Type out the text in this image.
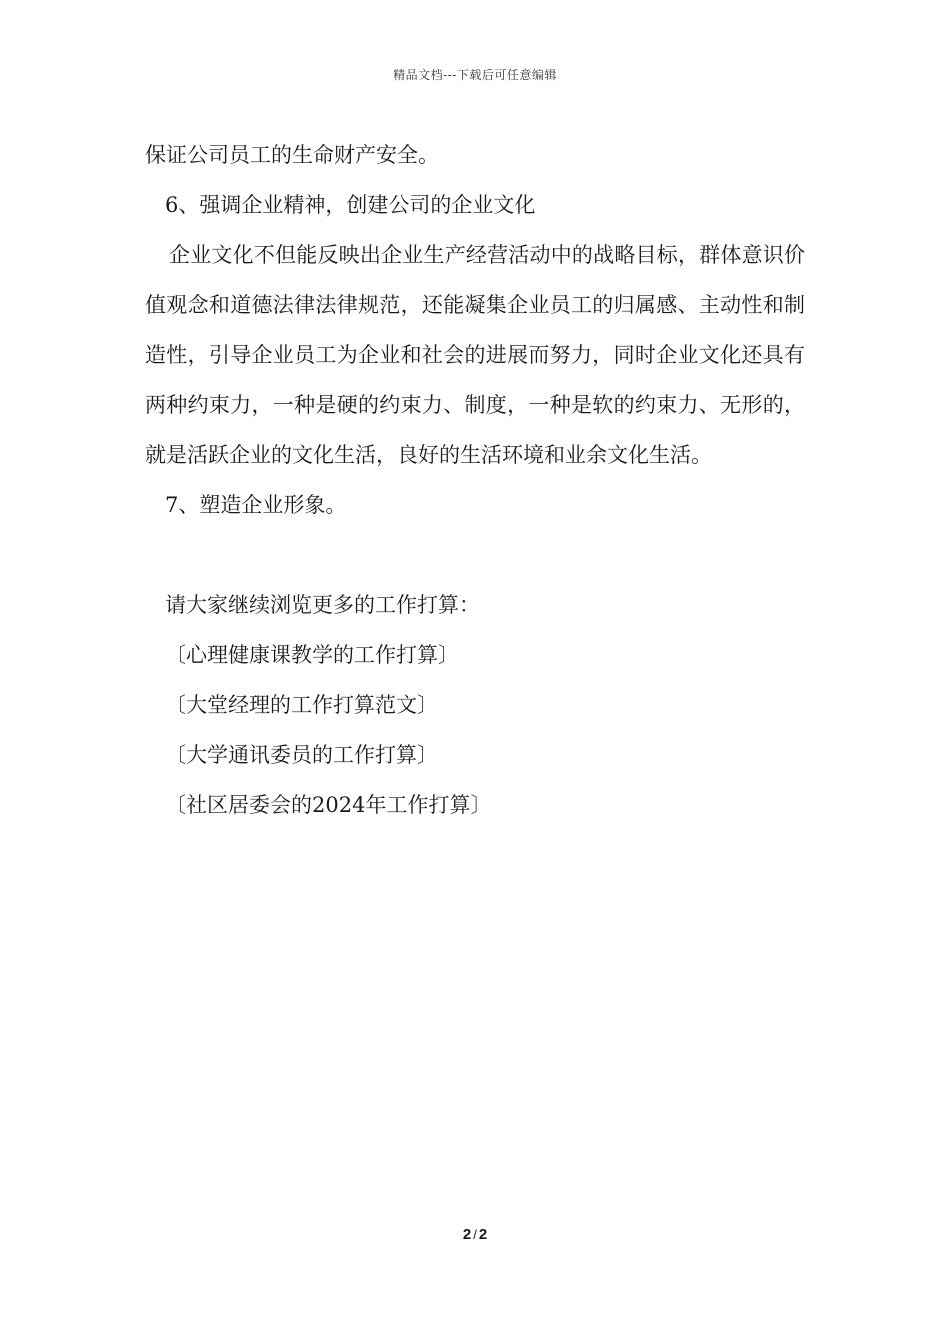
精品文档---下载后可任意编辑

保证公司员工的生命财产安全。

6、强调企业精神，创建公司的企业文化

企业文化不但能反映出企业生产经营活动中的战略目标，群体意识价值观念和道德法律法律规范，还能凝集企业员工的归属感、主动性和制造性，引导企业员工为企业和社会的进展而努力，同时企业文化还具有两种约束力，一种是硬的约束力、制度，一种是软的约束力、无形的，就是活跃企业的文化生活，良好的生活环境和业余文化生活。

7、塑造企业形象。

请大家继续浏览更多的工作打算：

〔心理健康课教学的工作打算〕

〔大堂经理的工作打算范文〕

〔大学通讯委员的工作打算〕

〔社区居委会的2024年工作打算〕

2 / 2
